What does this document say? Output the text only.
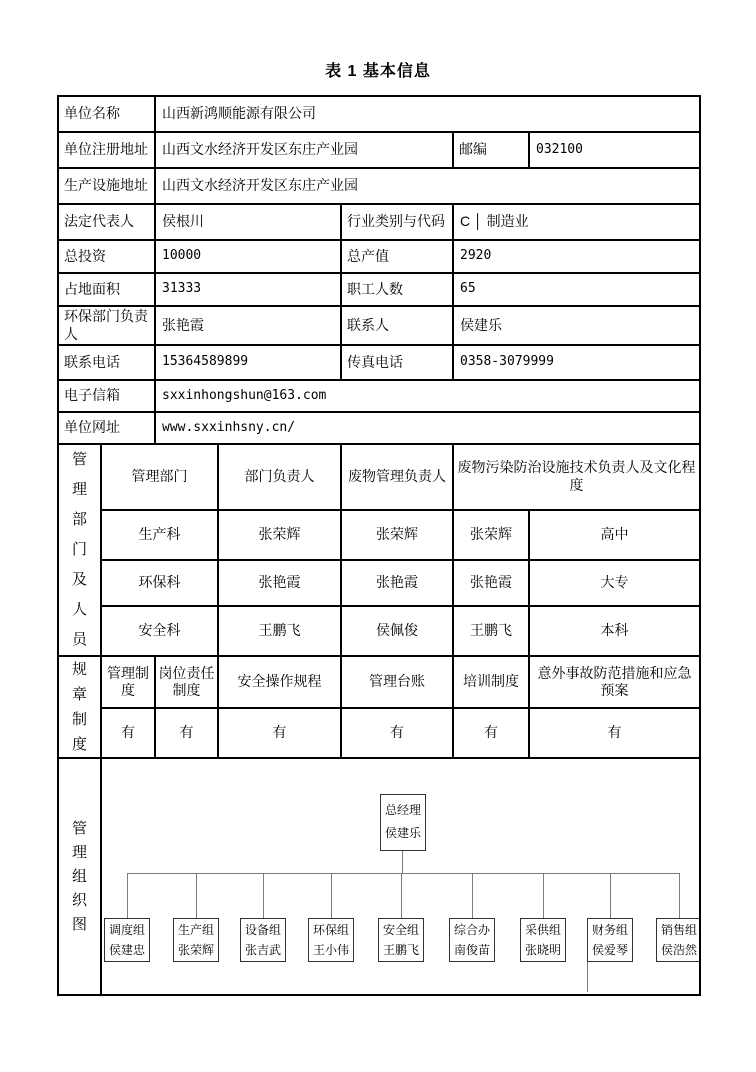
表 1 基本信息
单位名称		山西新鸿顺能源有限公司				
单位注册地址		山西文水经济开发区东庄产业园			邮编	032100
生产设施地址		山西文水经济开发区东庄产业园				
法定代表人		侯根川		行业类别与代码	C │ 制造业	
总投资		10000		总产值	2920	
占地面积		31333		职工人数	65	
环保部门负责人		张艳霞		联系人	侯建乐	
联系电话		15364589899		传真电话	0358-3079999	
电子信箱		sxxinhongshun@163.com				
单位网址		www.sxxinhsny.cn/				

管理部门及人员	管理部门		部门负责人	废物管理负责人	废物污染防治设施技术负责人及文化程度	
	生产科		张荣辉	张荣辉	张荣辉	高中
	环保科		张艳霞	张艳霞	张艳霞	大专
	安全科		王鹏飞	侯佩俊	王鹏飞	本科

规章制度	管理制度	岗位责任制度	安全操作规程	管理台账	培训制度	意外事故防范措施和应急预案
	有	有	有	有	有	有

管理组织图

总经理
侯建乐
调度组
侯建忠
生产组
张荣辉
设备组
张吉武
环保组
王小伟
安全组
王鹏飞
综合办
南俊苗
采供组
张晓明
财务组
侯爱琴
销售组
侯浩然
